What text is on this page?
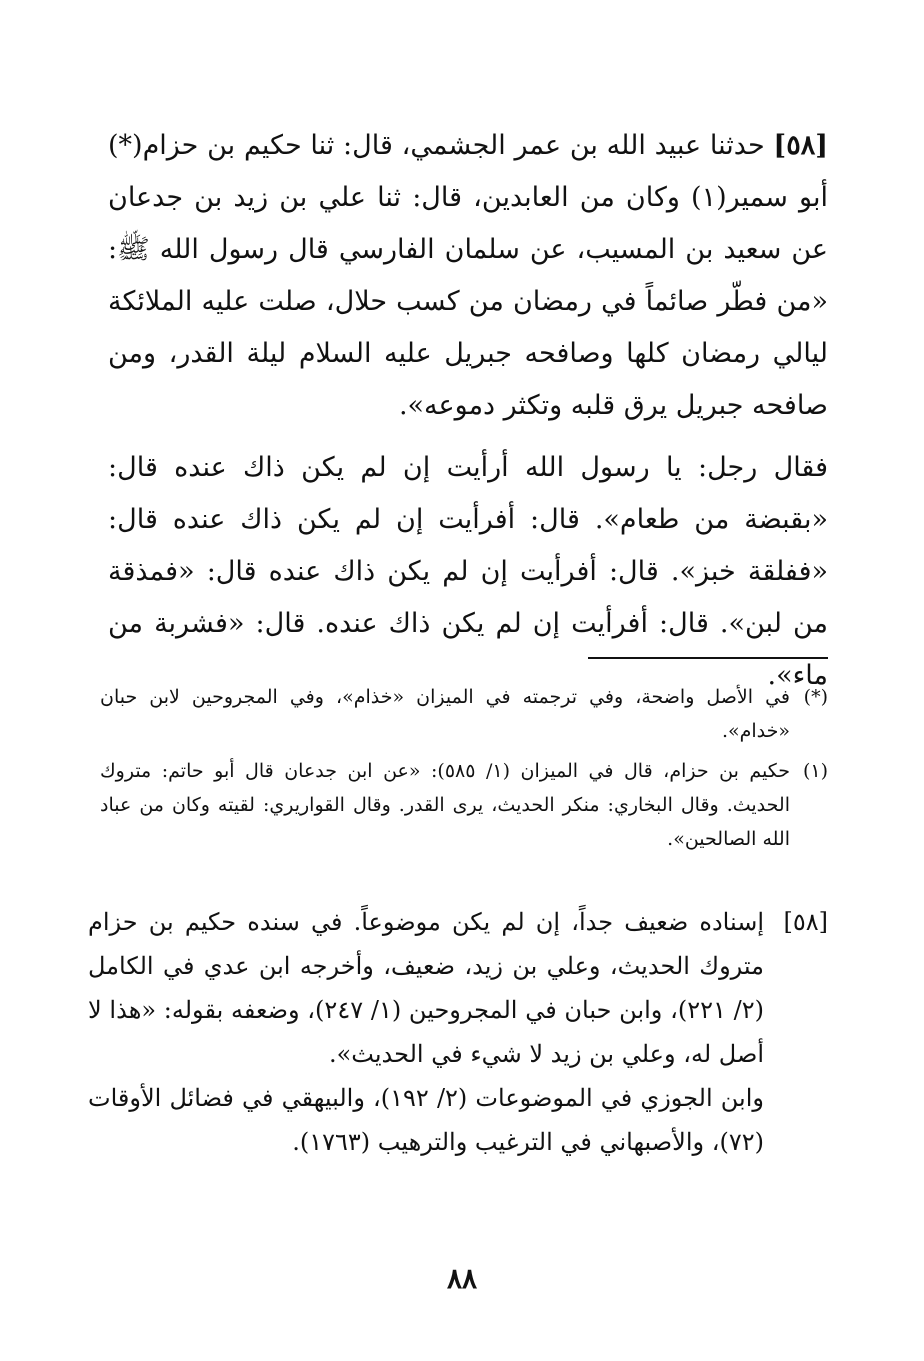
[٥٨] حدثنا عبيد الله بن عمر الجشمي، قال: ثنا حكيم بن حزام(*) أبو سمير(١) وكان من العابدين، قال: ثنا علي بن زيد بن جدعان عن سعيد بن المسيب، عن سلمان الفارسي قال رسول الله ﷺ: «من فطّر صائماً في رمضان من كسب حلال، صلت عليه الملائكة ليالي رمضان كلها وصافحه جبريل عليه السلام ليلة القدر، ومن صافحه جبريل يرق قلبه وتكثر دموعه».

فقال رجل: يا رسول الله أرأيت إن لم يكن ذاك عنده قال: «بقبضة من طعام». قال: أفرأيت إن لم يكن ذاك عنده قال: «ففلقة خبز». قال: أفرأيت إن لم يكن ذاك عنده قال: «فمذقة من لبن». قال: أفرأيت إن لم يكن ذاك عنده. قال: «فشربة من ماء».

(*)
في الأصل واضحة، وفي ترجمته في الميزان «خذام»، وفي المجروحين لابن حبان «خدام».
(١)
حكيم بن حزام، قال في الميزان (١/ ٥٨٥): «عن ابن جدعان قال أبو حاتم: متروك الحديث. وقال البخاري: منكر الحديث، يرى القدر. وقال القواريري: لقيته وكان من عباد الله الصالحين».
[٥٨]

إسناده ضعيف جداً، إن لم يكن موضوعاً. في سنده حكيم بن حزام متروك الحديث، وعلي بن زيد، ضعيف، وأخرجه ابن عدي في الكامل (٢/ ٢٢١)، وابن حبان في المجروحين (١/ ٢٤٧)، وضعفه بقوله: «هذا لا أصل له، وعلي بن زيد لا شيء في الحديث».

وابن الجوزي في الموضوعات (٢/ ١٩٢)، والبيهقي في فضائل الأوقات (٧٢)، والأصبهاني في الترغيب والترهيب (١٧٦٣).

٨٨
